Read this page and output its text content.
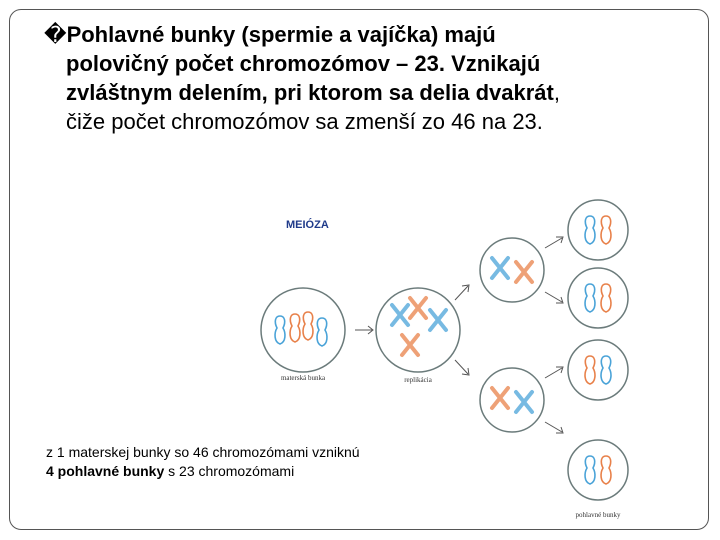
�Pohlavné bunky (spermie a vajíčka) majú
polovičný počet chromozómov – 23. Vznikajú
zvláštnym delením, pri ktorom sa delia dvakrát,
čiže počet chromozómov sa zmenší zo 46 na 23.
MEIÓZA
materská bunka	replikácia
pohlavné bunky
z 1 materskej bunky so 46 chromozómami vzniknú
4 pohlavné bunky s 23 chromozómami
